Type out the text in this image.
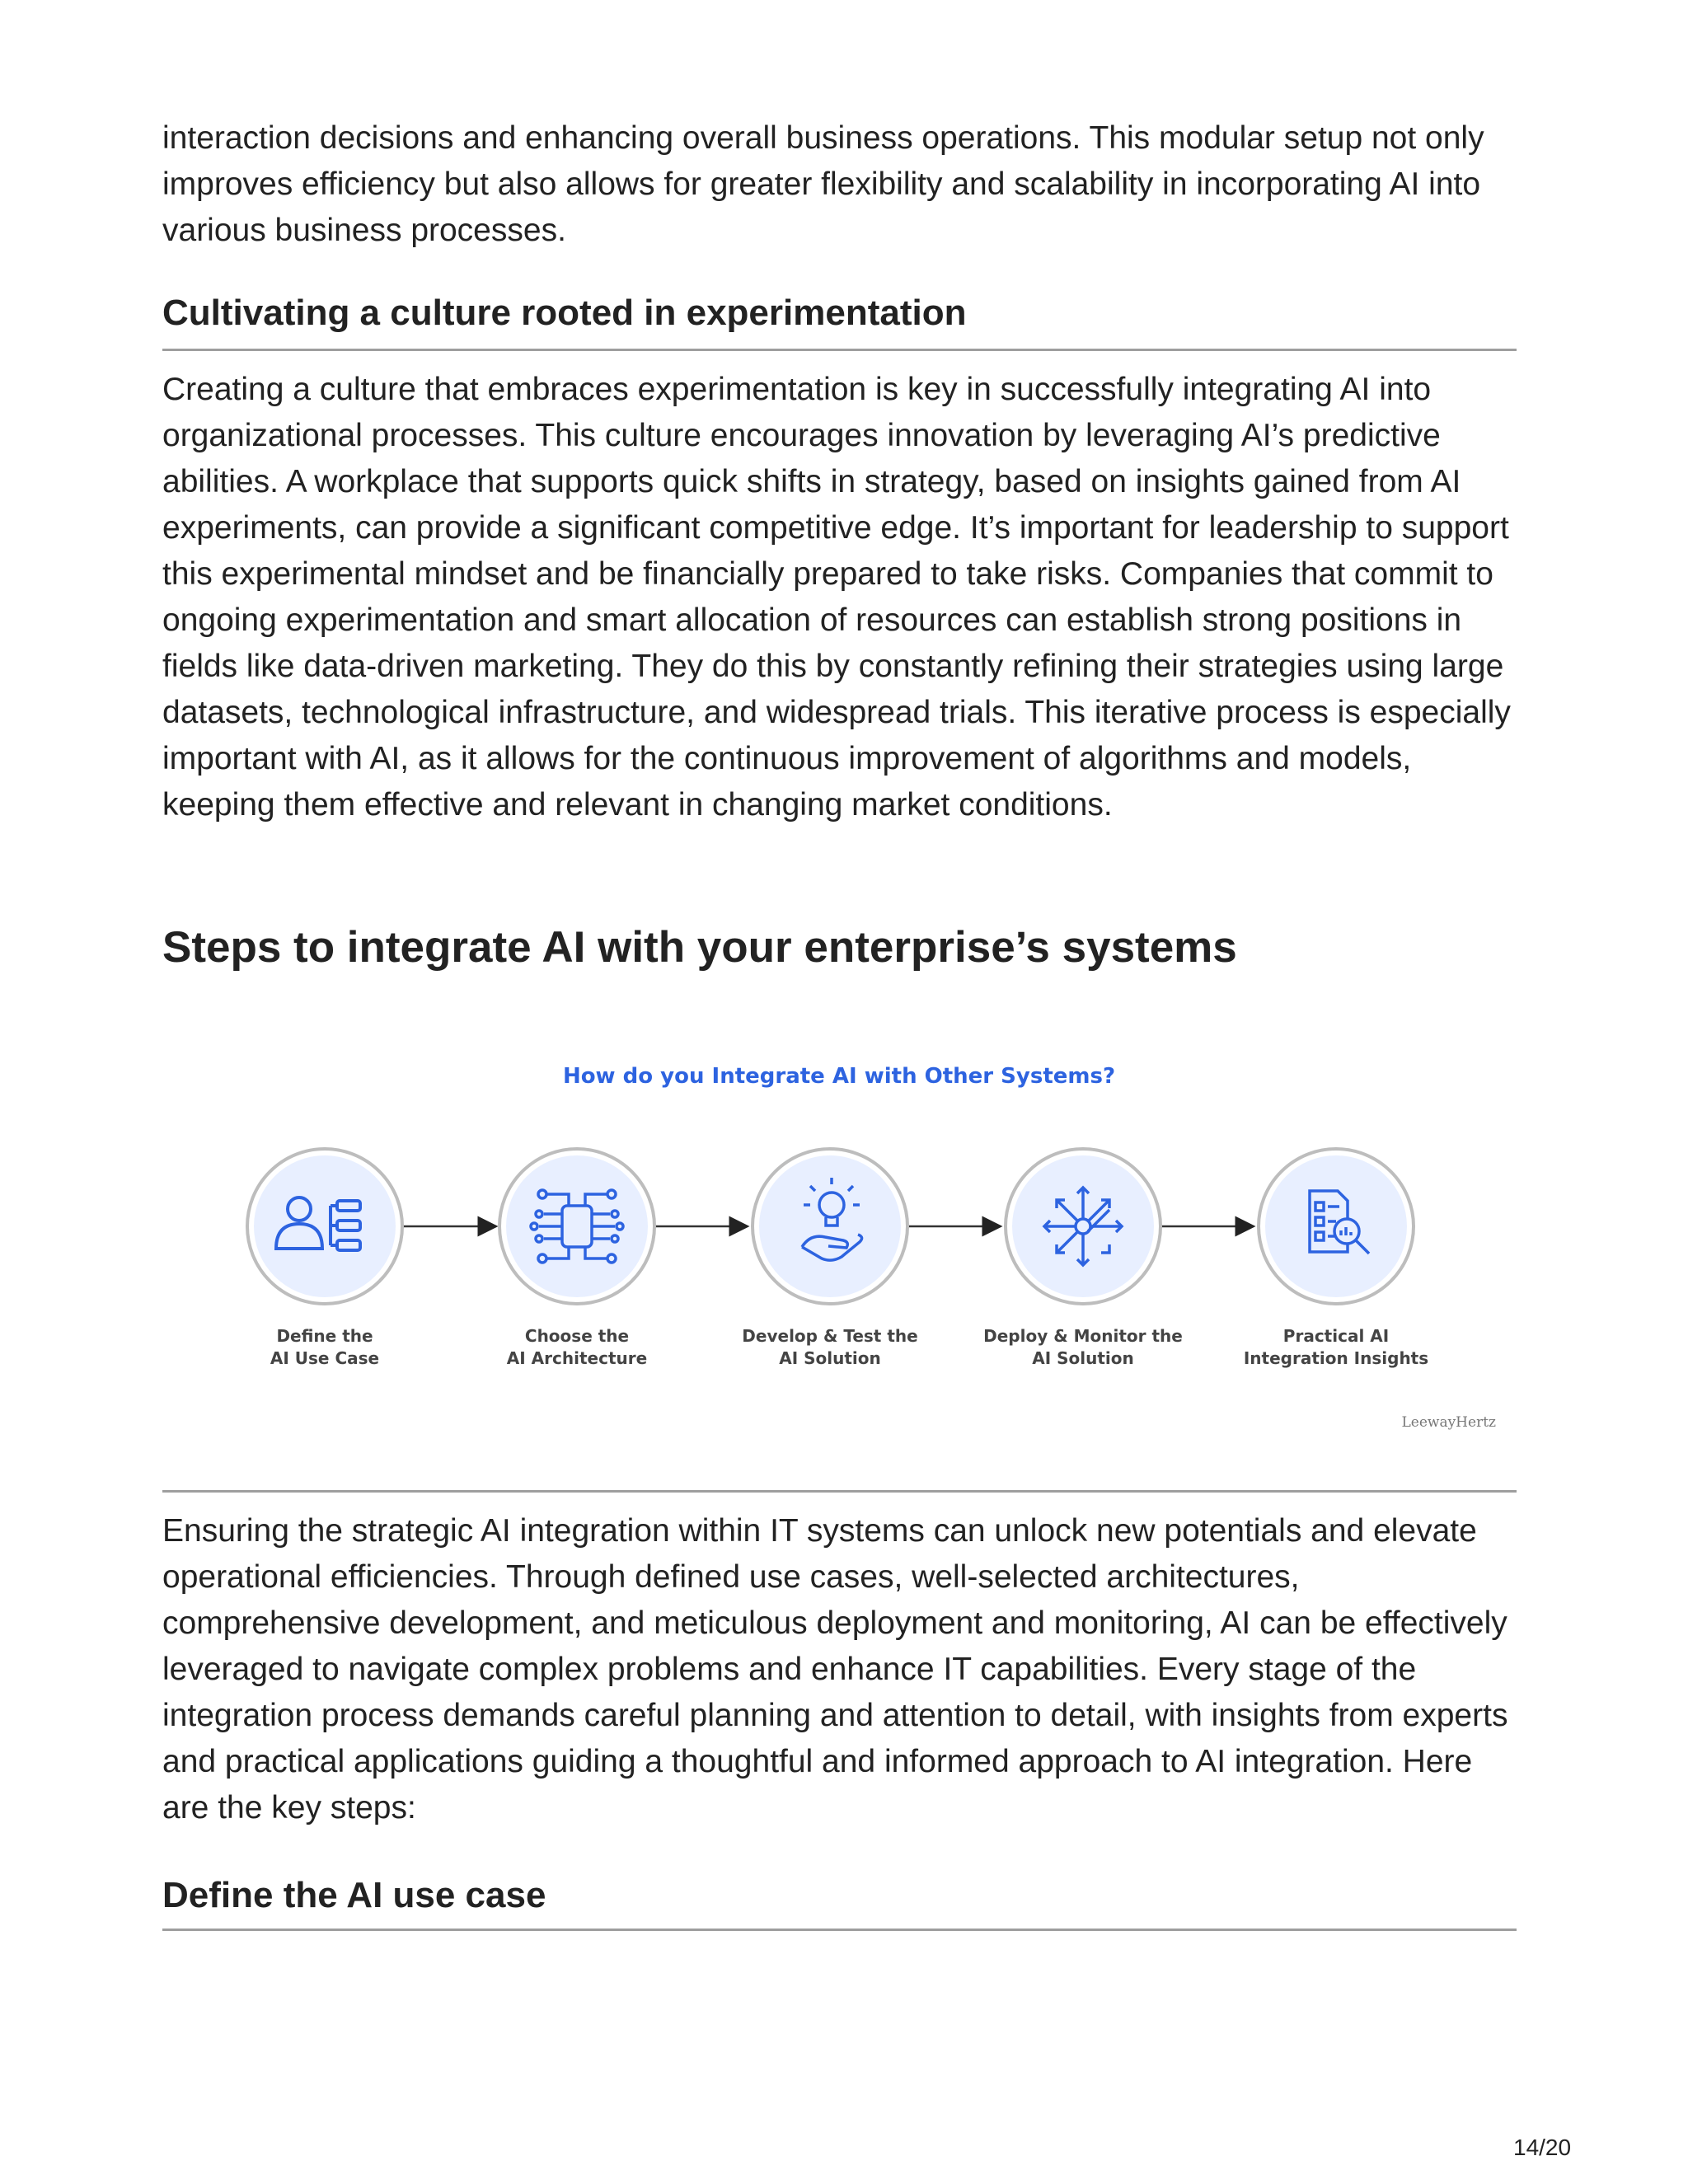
interaction decisions and enhancing overall business operations. This modular setup not only improves efficiency but also allows for greater flexibility and scalability in incorporating AI into various business processes.

Cultivating a culture rooted in experimentation

Creating a culture that embraces experimentation is key in successfully integrating AI into organizational processes. This culture encourages innovation by leveraging AI’s predictive abilities. A workplace that supports quick shifts in strategy, based on insights gained from AI experiments, can provide a significant competitive edge. It’s important for leadership to support this experimental mindset and be financially prepared to take risks. Companies that commit to ongoing experimentation and smart allocation of resources can establish strong positions in fields like data-driven marketing. They do this by constantly refining their strategies using large datasets, technological infrastructure, and widespread trials. This iterative process is especially important with AI, as it allows for the continuous improvement of algorithms and models, keeping them effective and relevant in changing market conditions.

Steps to integrate AI with your enterprise’s systems
How do you Integrate AI with Other Systems?
Define the
AI Use Case
Choose the
AI Architecture
Develop & Test the
AI Solution
Deploy & Monitor the
AI Solution
Practical AI
Integration Insights
LeewayHertz

Ensuring the strategic AI integration within IT systems can unlock new potentials and elevate operational efficiencies. Through defined use cases, well-selected architectures, comprehensive development, and meticulous deployment and monitoring, AI can be effectively leveraged to navigate complex problems and enhance IT capabilities. Every stage of the integration process demands careful planning and attention to detail, with insights from experts and practical applications guiding a thoughtful and informed approach to AI integration. Here are the key steps:

Define the AI use case
14/20
